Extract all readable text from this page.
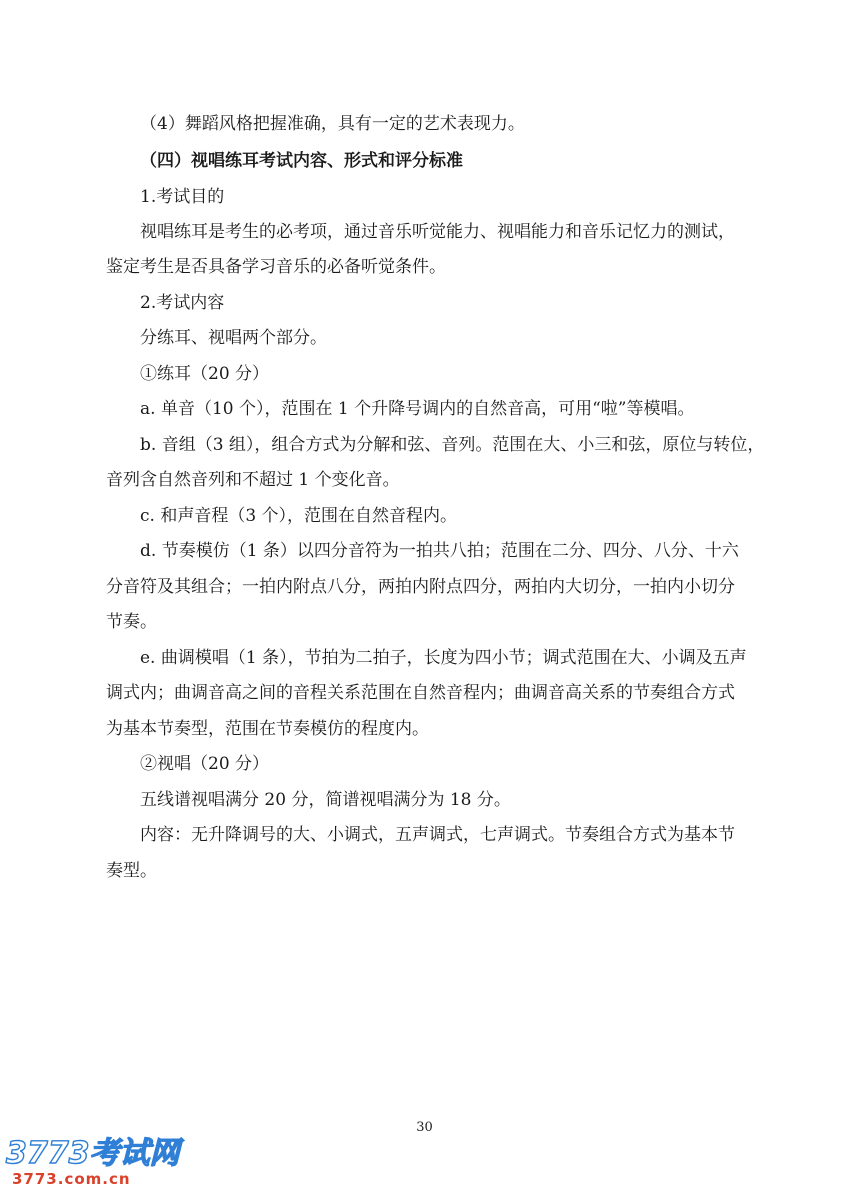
（4）舞蹈风格把握准确，具有一定的艺术表现力。

（四）视唱练耳考试内容、形式和评分标准

1.考试目的

视唱练耳是考生的必考项，通过音乐听觉能力、视唱能力和音乐记忆力的测试，

鉴定考生是否具备学习音乐的必备听觉条件。

2.考试内容

分练耳、视唱两个部分。

①练耳（20 分）

a. 单音（10 个），范围在 1 个升降号调内的自然音高，可用“啦”等模唱。

b. 音组（3 组），组合方式为分解和弦、音列。范围在大、小三和弦，原位与转位，

音列含自然音列和不超过 1 个变化音。

c. 和声音程（3 个），范围在自然音程内。

d. 节奏模仿（1 条）以四分音符为一拍共八拍；范围在二分、四分、八分、十六

分音符及其组合；一拍内附点八分，两拍内附点四分，两拍内大切分，一拍内小切分

节奏。

e. 曲调模唱（1 条），节拍为二拍子，长度为四小节；调式范围在大、小调及五声

调式内；曲调音高之间的音程关系范围在自然音程内；曲调音高关系的节奏组合方式

为基本节奏型，范围在节奏模仿的程度内。

②视唱（20 分）

五线谱视唱满分 20 分，简谱视唱满分为 18 分。

内容：无升降调号的大、小调式，五声调式，七声调式。节奏组合方式为基本节

奏型。

30
3773考试网
3773.com.cn
